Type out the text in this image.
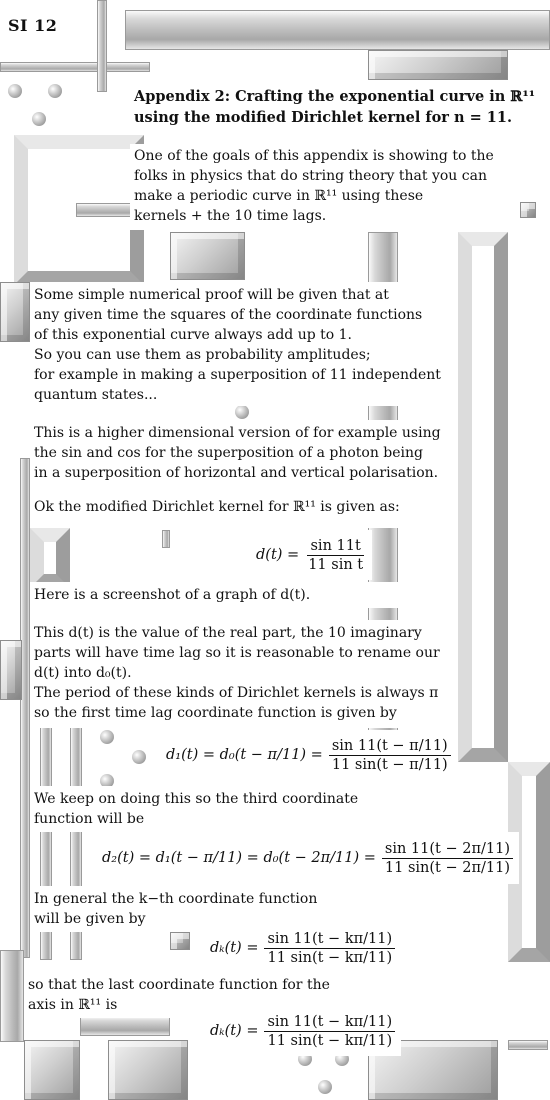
SI 12

Appendix 2: Crafting the exponential curve in ℝ¹¹

using the modified Dirichlet kernel for n = 11.

One of the goals of this appendix is showing to the

folks in physics that do string theory that you can

make a periodic curve in ℝ¹¹ using these

kernels + the 10 time lags.

Some simple numerical proof will be given that at

any given time the squares of the coordinate functions

of this exponential curve always add up to 1.

So you can use them as probability amplitudes;

for example in making a superposition of 11 independent

quantum states...

This is a higher dimensional version of for example using

the sin and cos for the superposition of a photon being

in a superposition of horizontal and vertical polarisation.

Ok the modified Dirichlet kernel for ℝ¹¹ is given as:

$d(t) = \frac{\sin 11t}{\text{11 sin t}}$

Here is a screenshot of a graph of d(t).

This d(t) is the value of the real part, the 10 imaginary

parts will have time lag so it is reasonable to rename our

d(t) into d₀(t).

The period of these kinds of Dirichlet kernels is always π

so the first time lag coordinate function is given by

$d_1(t) = d_0(t - \pi/11) = \frac{\sin 11(t - \pi/11)}{11 \sin(t - \pi/11)}$

We keep on doing this so the third coordinate

function will be

$d_2(t) = d_1(t - \pi/11) = d_0(t - 2\pi/11) = \frac{\sin 11(t - 2\pi/11)}{11 \sin(t - 2\pi/11)}$

In general the k−th coordinate function

will be given by

$d_k(t) = \frac{\sin 11(t - k\pi/11)}{11 \sin(t - k\pi/11)}$

so that the last coordinate function for the

axis in ℝ¹¹ is

$d_k(t) = \frac{\sin 11(t - k\pi/11)}{11 \sin(t - k\pi/11)}$
